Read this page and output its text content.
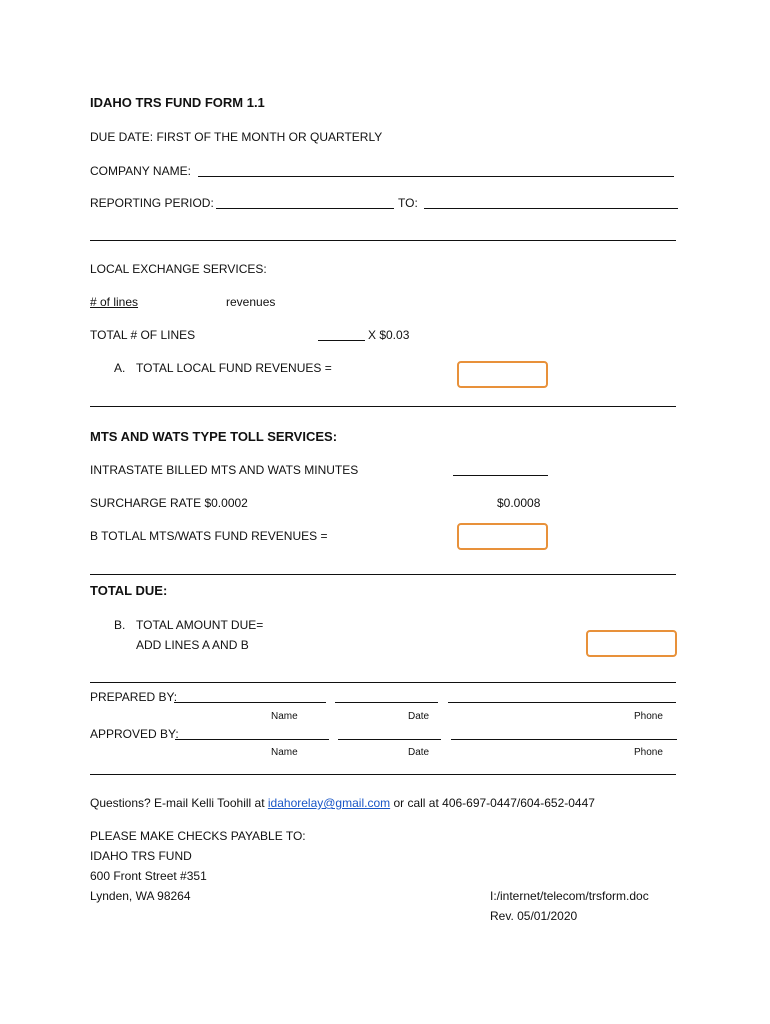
IDAHO TRS FUND FORM 1.1
DUE DATE: FIRST OF THE MONTH OR QUARTERLY
COMPANY NAME:
REPORTING PERIOD:	TO:
LOCAL EXCHANGE SERVICES:
# of lines	revenues
TOTAL # OF LINES	X $0.03
A. TOTAL LOCAL FUND REVENUES =
MTS AND WATS TYPE TOLL SERVICES:
INTRASTATE BILLED MTS AND WATS MINUTES
SURCHARGE RATE $0.0002	$0.0008
B TOTLAL MTS/WATS FUND REVENUES =
TOTAL DUE:
B. TOTAL AMOUNT DUE=
ADD LINES A AND B
PREPARED BY:
Name	Date	Phone
APPROVED BY:
Name	Date	Phone
Questions? E-mail Kelli Toohill at idahorelay@gmail.com or call at 406-697-0447/604-652-0447
PLEASE MAKE CHECKS PAYABLE TO:
IDAHO TRS FUND
600 Front Street #351
Lynden, WA 98264	I:/internet/telecom/trsform.doc
Rev. 05/01/2020
